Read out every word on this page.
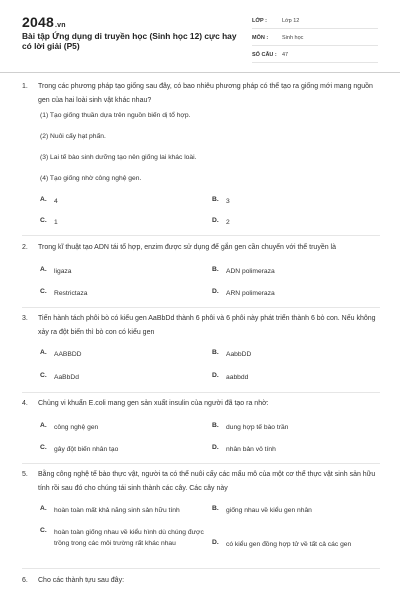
2048.vn
Bài tập Ứng dụng di truyền học (Sinh học 12) cực hay có lời giải (P5)
LỚP :	Lớp 12
MÔN :	Sinh học
SỐ CÂU : 47
1.	Trong các phương pháp tạo giống sau đây, có bao nhiêu phương pháp có thể tạo ra giống mới mang nguồn gen của hai loài sinh vật khác nhau?
(1) Tạo giống thuần dựa trên nguồn biến dị tổ hợp.
(2) Nuôi cấy hạt phấn.
(3) Lai tế bào sinh dưỡng tạo nên giống lai khác loài.
(4) Tạo giống nhờ công nghệ gen.
A.	4	B.	3
C.	1	D.	2
2.	Trong kĩ thuật tạo ADN tái tổ hợp, enzim được sử dụng để gắn gen cần chuyển với thể truyền là
A.	ligaza	B.	ADN polimeraza
C.	Restrictaza	D.	ARN polimeraza
3.	Tiến hành tách phôi bò có kiểu gen AaBbDd thành 6 phôi và 6 phôi này phát triển thành 6 bò con. Nếu không xảy ra đột biến thì bò con có kiểu gen
A.	AABBDD	B.	AabbDD
C.	AaBbDd	D.	aabbdd
4.	Chủng vi khuẩn E.coli mang gen sản xuất insulin của người đã tạo ra nhờ:
A.	công nghệ gen	B.	dung hợp tế bào trần
C.	gây đột biến nhân tạo	D.	nhân bản vô tính
5.	Bằng công nghệ tế bào thực vật, người ta có thể nuôi cấy các mẩu mô của một cơ thể thực vật sinh sản hữu tính rồi sau đó cho chúng tái sinh thành các cây. Các cây này
A.	hoàn toàn mất khả năng sinh sản hữu tính	B.	giống nhau về kiểu gen nhân
C.	hoàn toàn giống nhau về kiểu hình dù chúng được trồng trong các môi trường rất khác nhau	D.	có kiểu gen đồng hợp tử về tất cả các gen
6.	Cho các thành tựu sau đây:
